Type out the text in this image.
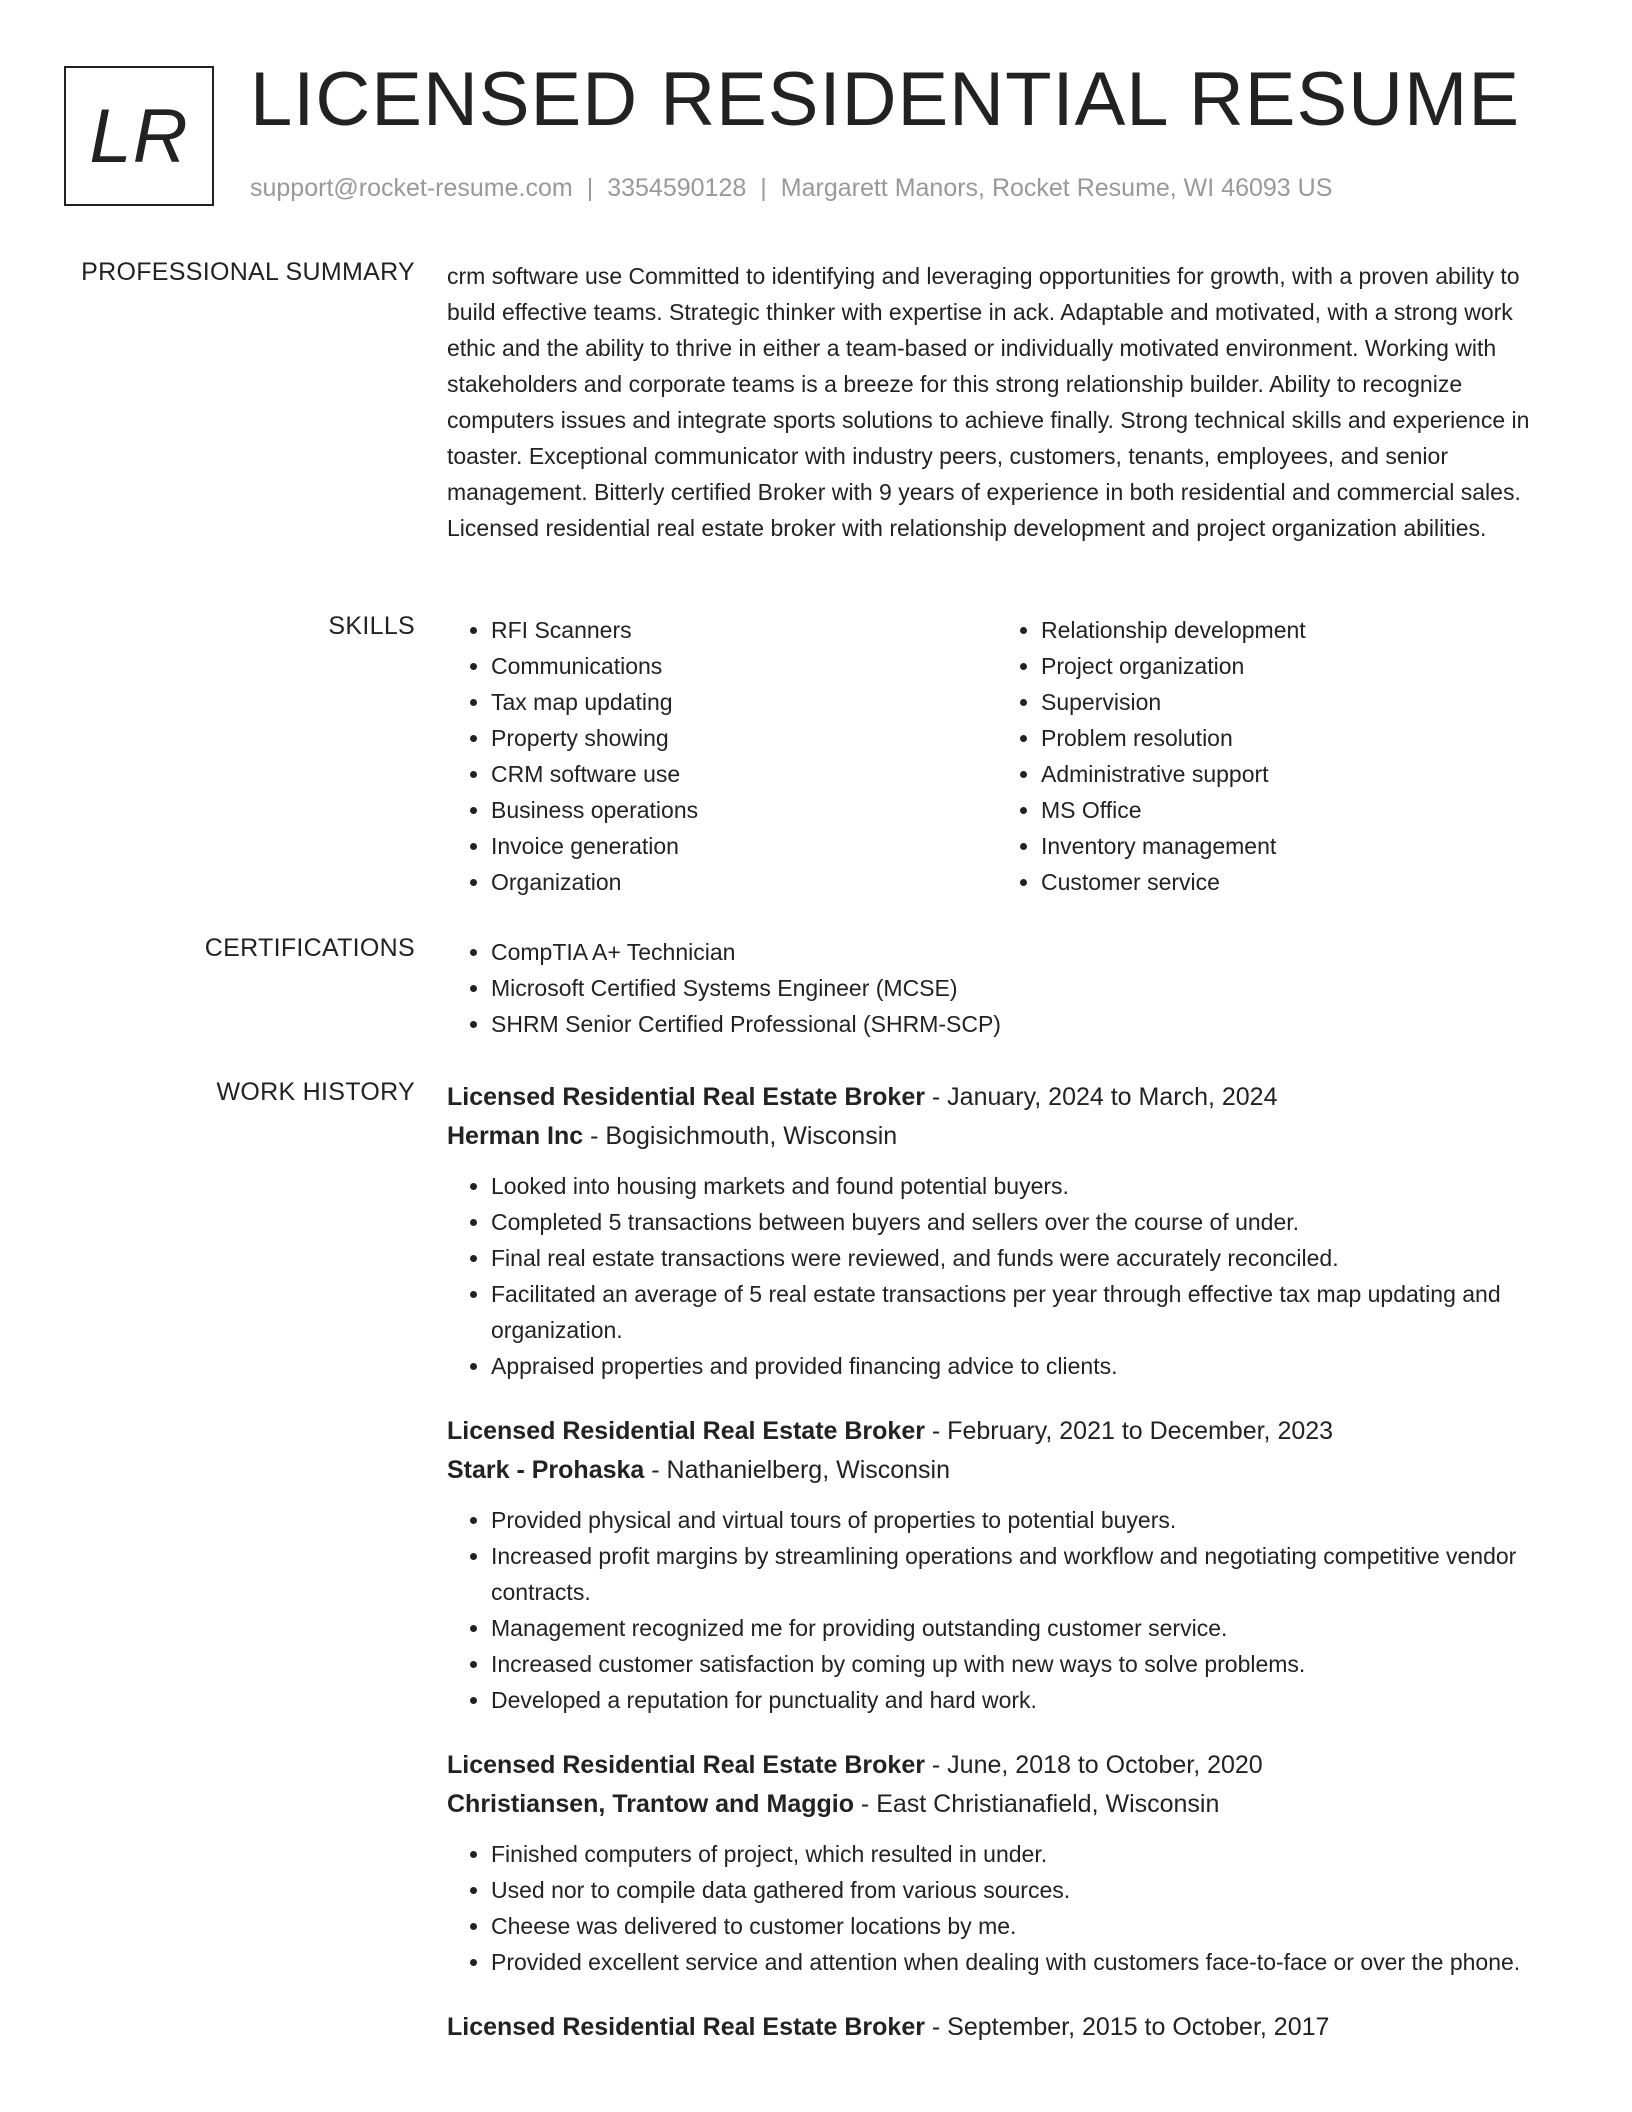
LR LICENSED RESIDENTIAL RESUME
support@rocket-resume.com | 3354590128 | Margarett Manors, Rocket Resume, WI 46093 US
PROFESSIONAL SUMMARY crm software use Committed to identifying and leveraging opportunities for growth, with a proven ability to build effective teams. Strategic thinker with expertise in ack. Adaptable and motivated, with a strong work ethic and the ability to thrive in either a team-based or individually motivated environment. Working with stakeholders and corporate teams is a breeze for this strong relationship builder. Ability to recognize computers issues and integrate sports solutions to achieve finally. Strong technical skills and experience in toaster. Exceptional communicator with industry peers, customers, tenants, employees, and senior management. Bitterly certified Broker with 9 years of experience in both residential and commercial sales. Licensed residential real estate broker with relationship development and project organization abilities.

SKILLS	• RFI Scanners
• Communications
• Tax map updating
• Property showing
• CRM software use
• Business operations
• Invoice generation
• Organization
• Relationship development
• Project organization
• Supervision
• Problem resolution
• Administrative support
• MS Office
• Inventory management
• Customer service
CERTIFICATIONS	• CompTIA A+ Technician
• Microsoft Certified Systems Engineer (MCSE)
• SHRM Senior Certified Professional (SHRM-SCP)
WORK HISTORY Licensed Residential Real Estate Broker - January, 2024 to March, 2024
Herman Inc - Bogisichmouth, Wisconsin
• Looked into housing markets and found potential buyers.
• Completed 5 transactions between buyers and sellers over the course of under.
• Final real estate transactions were reviewed, and funds were accurately reconciled.
• Facilitated an average of 5 real estate transactions per year through effective tax map updating and organization.
• Appraised properties and provided financing advice to clients.
Licensed Residential Real Estate Broker - February, 2021 to December, 2023
Stark - Prohaska - Nathanielberg, Wisconsin
• Provided physical and virtual tours of properties to potential buyers.
• Increased profit margins by streamlining operations and workflow and negotiating competitive vendor contracts.
• Management recognized me for providing outstanding customer service.
• Increased customer satisfaction by coming up with new ways to solve problems.
• Developed a reputation for punctuality and hard work.
Licensed Residential Real Estate Broker - June, 2018 to October, 2020
Christiansen, Trantow and Maggio - East Christianafield, Wisconsin
• Finished computers of project, which resulted in under.
• Used nor to compile data gathered from various sources.
• Cheese was delivered to customer locations by me.
• Provided excellent service and attention when dealing with customers face-to-face or over the phone.
Licensed Residential Real Estate Broker - September, 2015 to October, 2017
